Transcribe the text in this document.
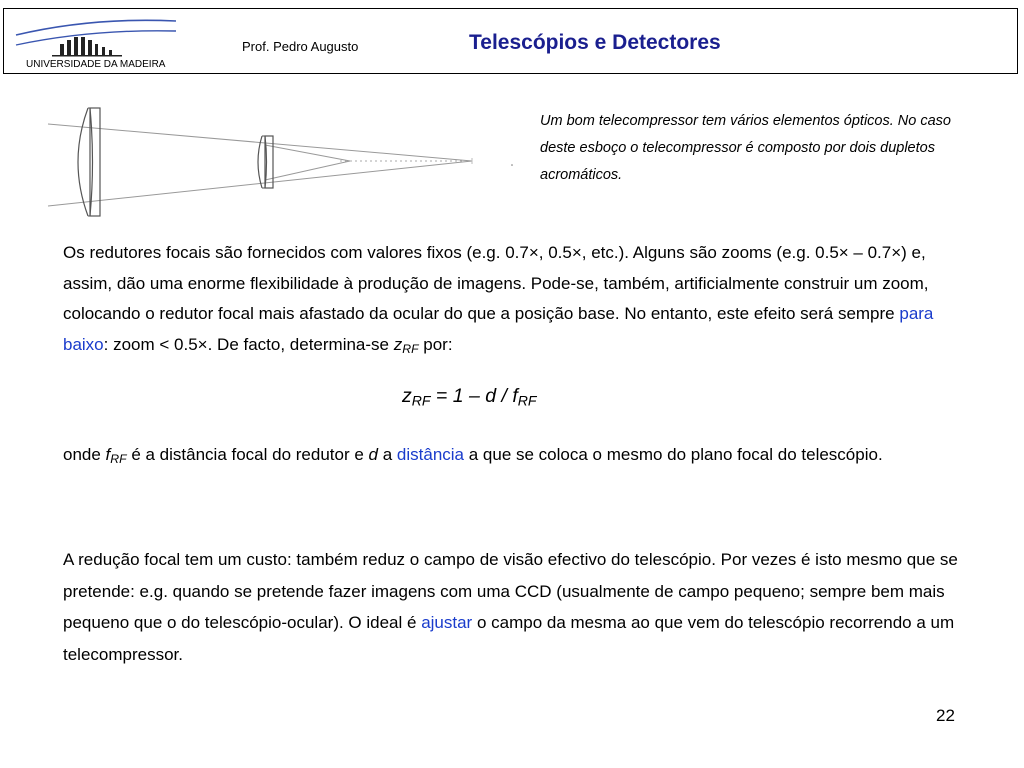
UNIVERSIDADE DA MADEIRA
Prof. Pedro Augusto	Telescópios e Detectores
Um bom telecompressor tem vários elementos ópticos. No caso deste esboço o telecompressor é composto por dois dupletos acromáticos.
Os redutores focais são fornecidos com valores fixos (e.g. 0.7×, 0.5×, etc.). Alguns são zooms (e.g. 0.5× – 0.7×) e, assim, dão uma enorme flexibilidade à produção de imagens. Pode-se, também, artificialmente construir um zoom, colocando o redutor focal mais afastado da ocular do que a posição base. No entanto, este efeito será sempre para baixo: zoom < 0.5×. De facto, determina-se $z_{RF}$ por:
$z_{RF} = 1 - d / f_{RF}$
onde $f_{RF}$ é a distância focal do redutor e d a distância a que se coloca o mesmo do plano focal do telescópio.
A redução focal tem um custo: também reduz o campo de visão efectivo do telescópio. Por vezes é isto mesmo que se pretende: e.g. quando se pretende fazer imagens com uma CCD (usualmente de campo pequeno; sempre bem mais pequeno que o do telescópio-ocular). O ideal é ajustar o campo da mesma ao que vem do telescópio recorrendo a um telecompressor.
22
